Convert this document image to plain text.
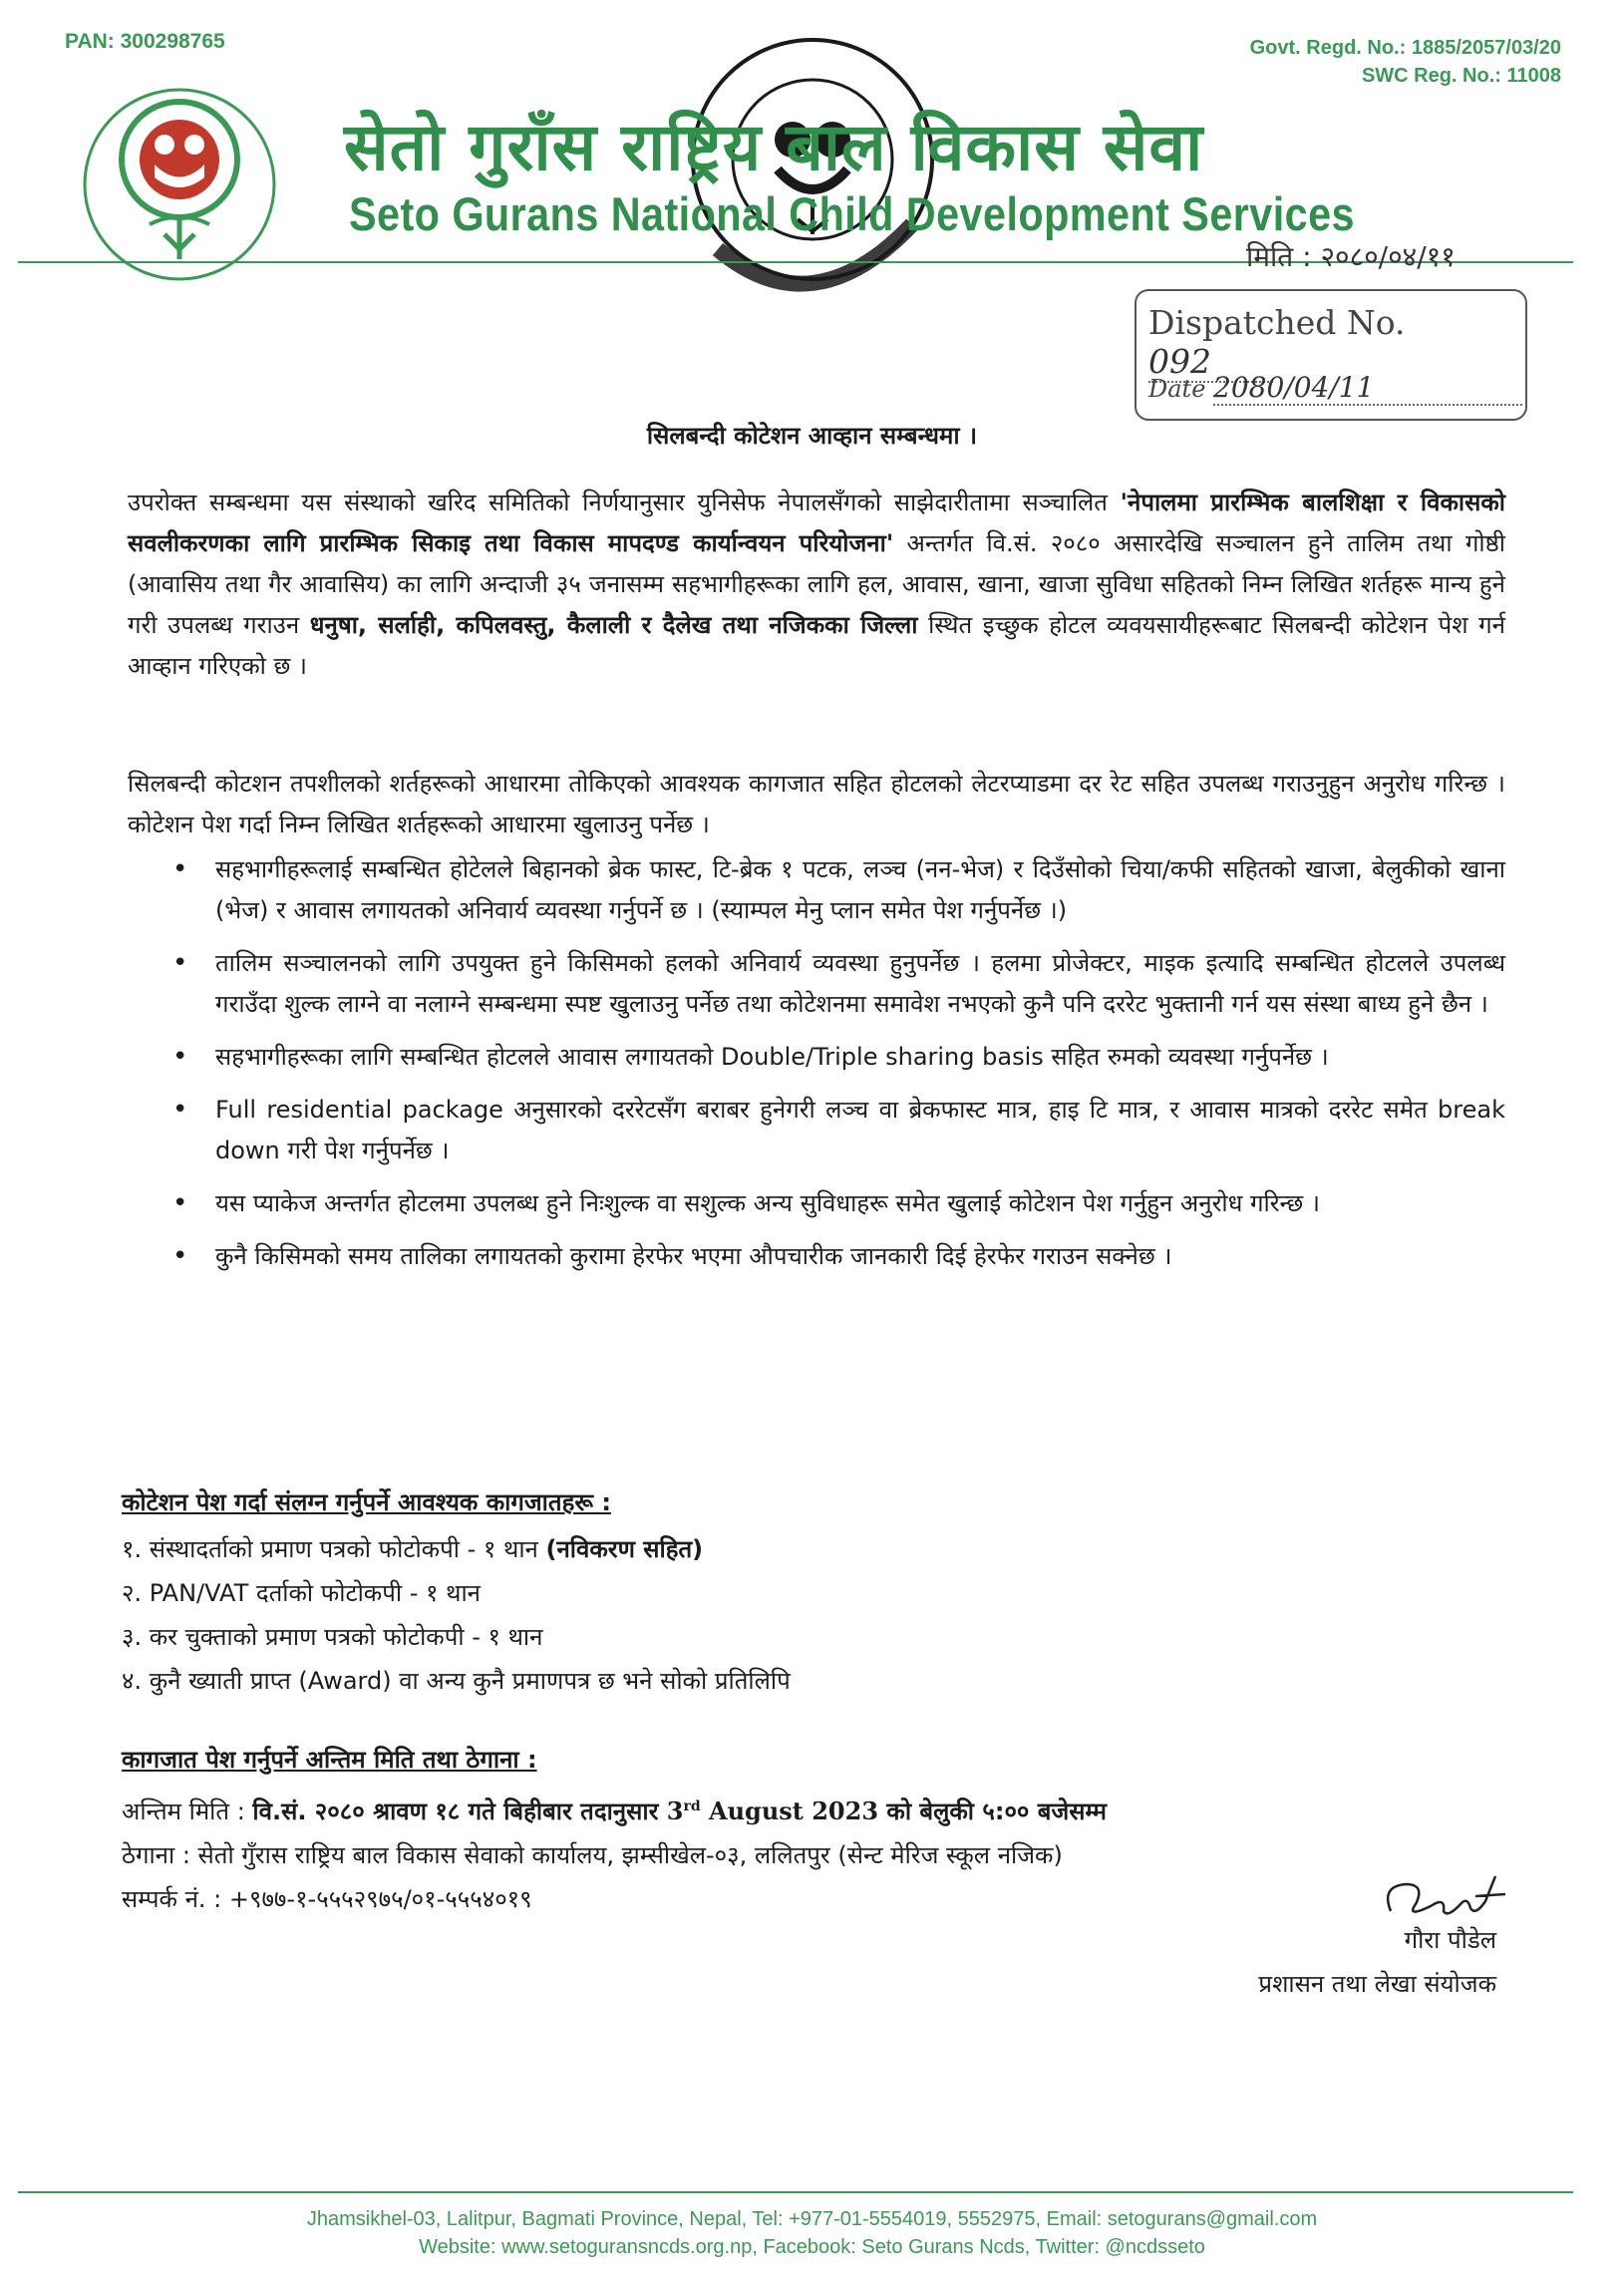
PAN: 300298765	Govt. Regd. No.: 1885/2057/03/20
SWC Reg. No.: 11008
सेतो गुराँस राष्ट्रिय बाल विकास सेवा
Seto Gurans National Child Development Services
मिति : २०८०/०४/११
Dispatched No.092
Date 2080/04/11
सिलबन्दी कोटेशन आव्हान सम्बन्धमा ।
उपरोक्त सम्बन्धमा यस संस्थाको खरिद समितिको निर्णयानुसार युनिसेफ नेपालसँगको साझेदारीतामा सञ्चालित 'नेपालमा प्रारम्भिक बालशिक्षा र विकासको सवलीकरणका लागि प्रारम्भिक सिकाइ तथा विकास मापदण्ड कार्यान्वयन परियोजना' अन्तर्गत वि.सं. २०८० असारदेखि सञ्चालन हुने तालिम तथा गोष्ठी (आवासिय तथा गैर आवासिय) का लागि अन्दाजी ३५ जनासम्म सहभागीहरूका लागि हल, आवास, खाना, खाजा सुविधा सहितको निम्न लिखित शर्तहरू मान्य हुने गरी उपलब्ध गराउन धनुषा, सर्लाही, कपिलवस्तु, कैलाली र दैलेख तथा नजिकका जिल्ला स्थित इच्छुक होटल व्यवयसायीहरूबाट सिलबन्दी कोटेशन पेश गर्न आव्हान गरिएको छ ।
सिलबन्दी कोटशन तपशीलको शर्तहरूको आधारमा तोकिएको आवश्यक कागजात सहित होटलको लेटरप्याडमा दर रेट सहित उपलब्ध गराउनुहुन अनुरोध गरिन्छ । कोटेशन पेश गर्दा निम्न लिखित शर्तहरूको आधारमा खुलाउनु पर्नेछ ।
• सहभागीहरूलाई सम्बन्धित होटेलले बिहानको ब्रेक फास्ट, टि-ब्रेक १ पटक, लञ्च (नन-भेज) र दिउँसोको चिया/कफी सहितको खाजा, बेलुकीको खाना (भेज) र आवास लगायतको अनिवार्य व्यवस्था गर्नुपर्ने छ । (स्याम्पल मेनु प्लान समेत पेश गर्नुपर्नेछ ।)
• तालिम सञ्चालनको लागि उपयुक्त हुने किसिमको हलको अनिवार्य व्यवस्था हुनुपर्नेछ । हलमा प्रोजेक्टर, माइक इत्यादि सम्बन्धित होटलले उपलब्ध गराउँदा शुल्क लाग्ने वा नलाग्ने सम्बन्धमा स्पष्ट खुलाउनु पर्नेछ तथा कोटेशनमा समावेश नभएको कुनै पनि दररेट भुक्तानी गर्न यस संस्था बाध्य हुने छैन ।
• सहभागीहरूका लागि सम्बन्धित होटलले आवास लगायतको Double/Triple sharing basis सहित रुमको व्यवस्था गर्नुपर्नेछ ।
• Full residential package अनुसारको दररेटसँग बराबर हुनेगरी लञ्च वा ब्रेकफास्ट मात्र, हाइ टि मात्र, र आवास मात्रको दररेट समेत break down गरी पेश गर्नुपर्नेछ ।
• यस प्याकेज अन्तर्गत होटलमा उपलब्ध हुने निःशुल्क वा सशुल्क अन्य सुविधाहरू समेत खुलाई कोटेशन पेश गर्नुहुन अनुरोध गरिन्छ ।
• कुनै किसिमको समय तालिका लगायतको कुरामा हेरफेर भएमा औपचारीक जानकारी दिई हेरफेर गराउन सक्नेछ ।
कोटेशन पेश गर्दा संलग्न गर्नुपर्ने आवश्यक कागजातहरू :
१. संस्थादर्ताको प्रमाण पत्रको फोटोकपी - १ थान (नविकरण सहित)
२. PAN/VAT दर्ताको फोटोकपी - १ थान
३. कर चुक्ताको प्रमाण पत्रको फोटोकपी - १ थान
४. कुनै ख्याती प्राप्त (Award) वा अन्य कुनै प्रमाणपत्र छ भने सोको प्रतिलिपि
कागजात पेश गर्नुपर्ने अन्तिम मिति तथा ठेगाना :
अन्तिम मिति : वि.सं. २०८० श्रावण १८ गते बिहीबार तदानुसार 3rd August 2023 को बेलुकी ५:०० बजेसम्म
ठेगाना : सेतो गुँरास राष्ट्रिय बाल विकास सेवाको कार्यालय, झम्सीखेल-०३, ललितपुर (सेन्ट मेरिज स्कूल नजिक)
सम्पर्क नं. : +९७७-१-५५५२९७५/०१-५५५४०१९
गौरा पौडेल
प्रशासन तथा लेखा संयोजक
Jhamsikhel-03, Lalitpur, Bagmati Province, Nepal, Tel: +977-01-5554019, 5552975, Email: setogurans@gmail.com
Website: www.setoguransncds.org.np, Facebook: Seto Gurans Ncds, Twitter: @ncdsseto
